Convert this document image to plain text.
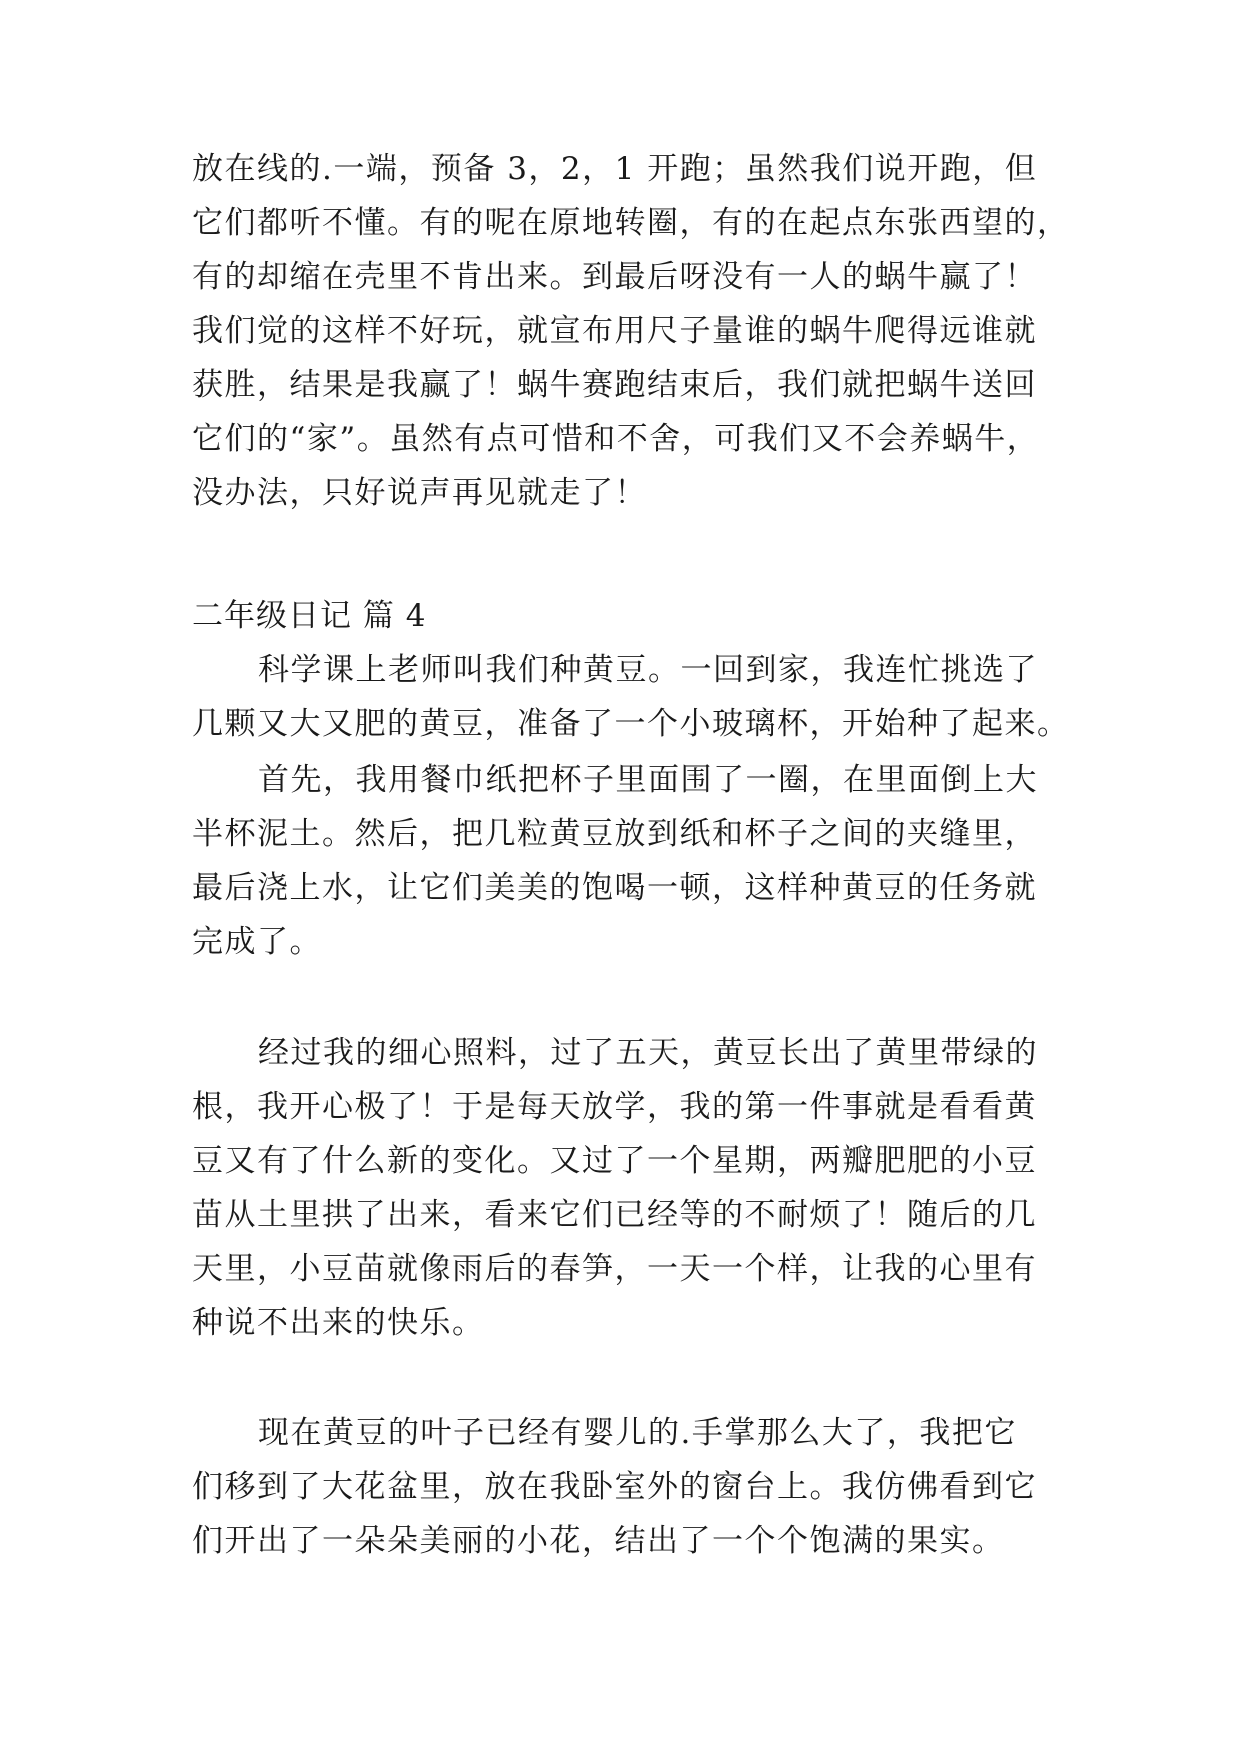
放在线的.一端，预备 3，2，1 开跑；虽然我们说开跑，但
它们都听不懂。有的呢在原地转圈，有的在起点东张西望的，
有的却缩在壳里不肯出来。到最后呀没有一人的蜗牛赢了！
我们觉的这样不好玩，就宣布用尺子量谁的蜗牛爬得远谁就
获胜，结果是我赢了！蜗牛赛跑结束后，我们就把蜗牛送回
它们的“家”。虽然有点可惜和不舍，可我们又不会养蜗牛，
没办法，只好说声再见就走了！
二年级日记 篇 4
科学课上老师叫我们种黄豆。一回到家，我连忙挑选了
几颗又大又肥的黄豆，准备了一个小玻璃杯，开始种了起来。
首先，我用餐巾纸把杯子里面围了一圈，在里面倒上大
半杯泥土。然后，把几粒黄豆放到纸和杯子之间的夹缝里，
最后浇上水，让它们美美的饱喝一顿，这样种黄豆的任务就
完成了。
经过我的细心照料，过了五天，黄豆长出了黄里带绿的
根，我开心极了！于是每天放学，我的第一件事就是看看黄
豆又有了什么新的变化。又过了一个星期，两瓣肥肥的小豆
苗从土里拱了出来，看来它们已经等的不耐烦了！随后的几
天里，小豆苗就像雨后的春笋，一天一个样，让我的心里有
种说不出来的快乐。
现在黄豆的叶子已经有婴儿的.手掌那么大了，我把它
们移到了大花盆里，放在我卧室外的窗台上。我仿佛看到它
们开出了一朵朵美丽的小花，结出了一个个饱满的果实。
